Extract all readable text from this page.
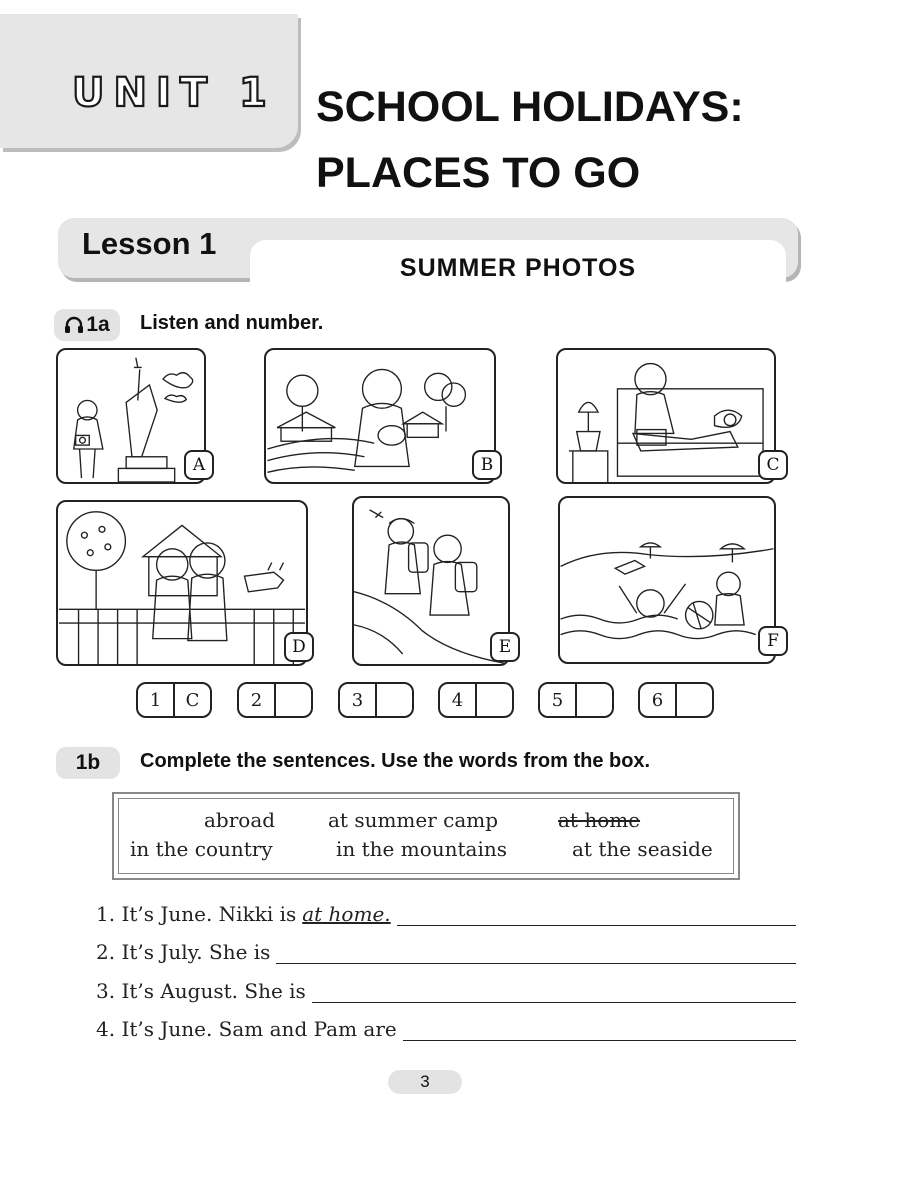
UNIT 1 SCHOOL HOLIDAYS:
PLACES TO GO
Lesson 1
SUMMER PHOTOS
1a Listen and number.
A	B	C
D	E	F
1	C	2	3	4	5	6
1b	Complete the sentences. Use the words from the box.
abroad	at summer camp	at home
in the country	in the mountains	at the seaside
1. It’s June. Nikki is at home.
2. It’s July. She is
3. It’s August. She is
4. It’s June. Sam and Pam are
3
